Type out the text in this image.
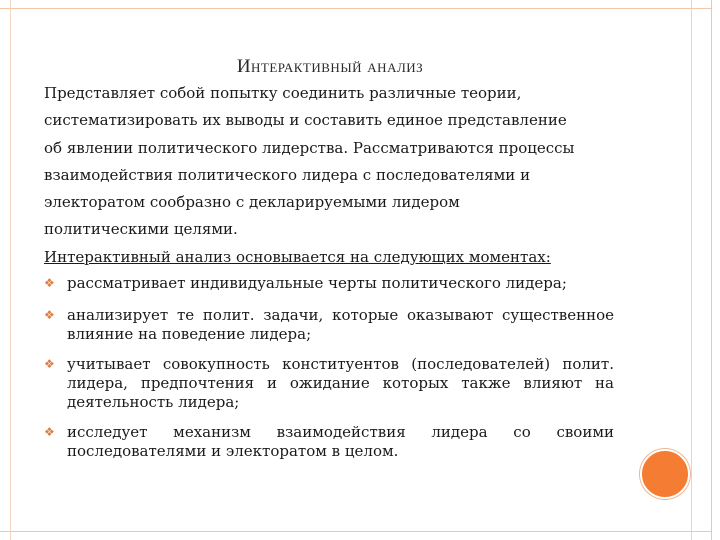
Интерактивный анализ

Представляет собой попытку соединить различные теории,
систематизировать их выводы и составить единое представление
об явлении политического лидерства. Рассматриваются процессы
взаимодействия политического лидера с последователями и
электоратом сообразно с декларируемыми лидером
политическими целями.
Интерактивный анализ основывается на следующих моментах:

❖ рассматривает индивидуальные черты политического лидера;
❖ анализирует те полит. задачи, которые оказывают существенное влияние на поведение лидера;
❖ учитывает совокупность конституентов (последователей) полит. лидера, предпочтения и ожидание которых также влияют на деятельность лидера;
❖ исследует механизм взаимодействия лидера со своими последователями и электоратом в целом.
